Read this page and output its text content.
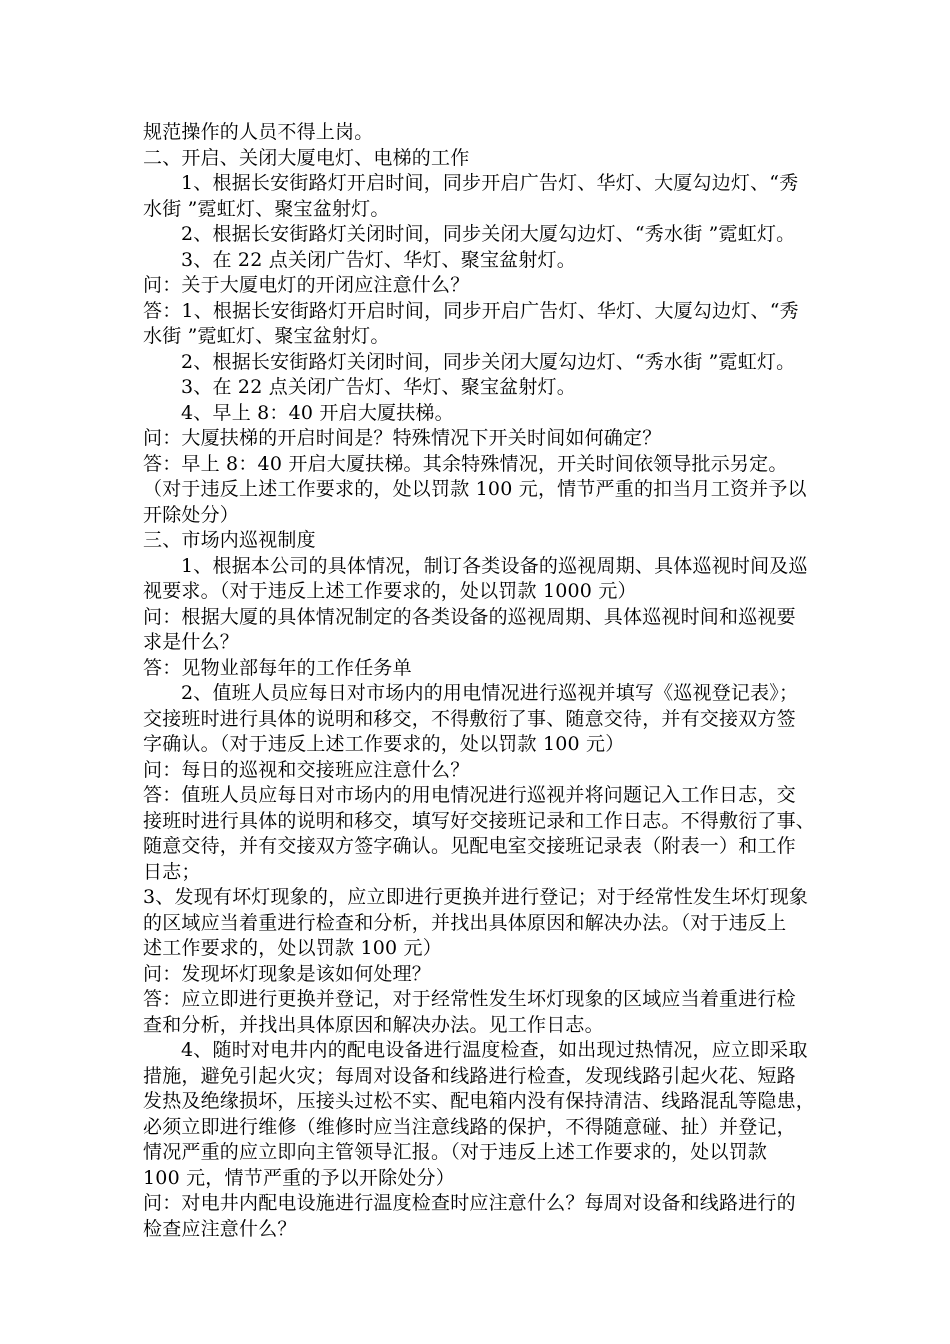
规范操作的人员不得上岗。
二、开启、关闭大厦电灯、电梯的工作
1、根据长安街路灯开启时间，同步开启广告灯、华灯、大厦勾边灯、“秀
水街 ”霓虹灯、聚宝盆射灯。
2、根据长安街路灯关闭时间，同步关闭大厦勾边灯、“秀水街 ”霓虹灯。
3、在 22 点关闭广告灯、华灯、聚宝盆射灯。
问：关于大厦电灯的开闭应注意什么？
答：1、根据长安街路灯开启时间，同步开启广告灯、华灯、大厦勾边灯、“秀
水街 ”霓虹灯、聚宝盆射灯。
2、根据长安街路灯关闭时间，同步关闭大厦勾边灯、“秀水街 ”霓虹灯。
3、在 22 点关闭广告灯、华灯、聚宝盆射灯。
4、早上 8：40 开启大厦扶梯。
问：大厦扶梯的开启时间是？特殊情况下开关时间如何确定？
答：早上 8：40 开启大厦扶梯。其余特殊情况，开关时间依领导批示另定。
（对于违反上述工作要求的，处以罚款 100 元，情节严重的扣当月工资并予以
开除处分）
三、市场内巡视制度
1、根据本公司的具体情况，制订各类设备的巡视周期、具体巡视时间及巡
视要求。（对于违反上述工作要求的，处以罚款 1000 元）
问：根据大厦的具体情况制定的各类设备的巡视周期、具体巡视时间和巡视要
求是什么？
答：见物业部每年的工作任务单
2、值班人员应每日对市场内的用电情况进行巡视并填写《巡视登记表》；
交接班时进行具体的说明和移交，不得敷衍了事、随意交待，并有交接双方签
字确认。（对于违反上述工作要求的，处以罚款 100 元）
问：每日的巡视和交接班应注意什么？
答：值班人员应每日对市场内的用电情况进行巡视并将问题记入工作日志，交
接班时进行具体的说明和移交，填写好交接班记录和工作日志。不得敷衍了事、
随意交待，并有交接双方签字确认。见配电室交接班记录表（附表一）和工作
日志；
3、发现有坏灯现象的，应立即进行更换并进行登记；对于经常性发生坏灯现象
的区域应当着重进行检查和分析，并找出具体原因和解决办法。（对于违反上
述工作要求的，处以罚款 100 元）
问：发现坏灯现象是该如何处理？
答：应立即进行更换并登记，对于经常性发生坏灯现象的区域应当着重进行检
查和分析，并找出具体原因和解决办法。见工作日志。
4、随时对电井内的配电设备进行温度检查，如出现过热情况，应立即采取
措施，避免引起火灾；每周对设备和线路进行检查，发现线路引起火花、短路
发热及绝缘损坏，压接头过松不实、配电箱内没有保持清洁、线路混乱等隐患，
必须立即进行维修（维修时应当注意线路的保护，不得随意碰、扯）并登记，
情况严重的应立即向主管领导汇报。（对于违反上述工作要求的，处以罚款
100 元，情节严重的予以开除处分）
问：对电井内配电设施进行温度检查时应注意什么？每周对设备和线路进行的
检查应注意什么？
